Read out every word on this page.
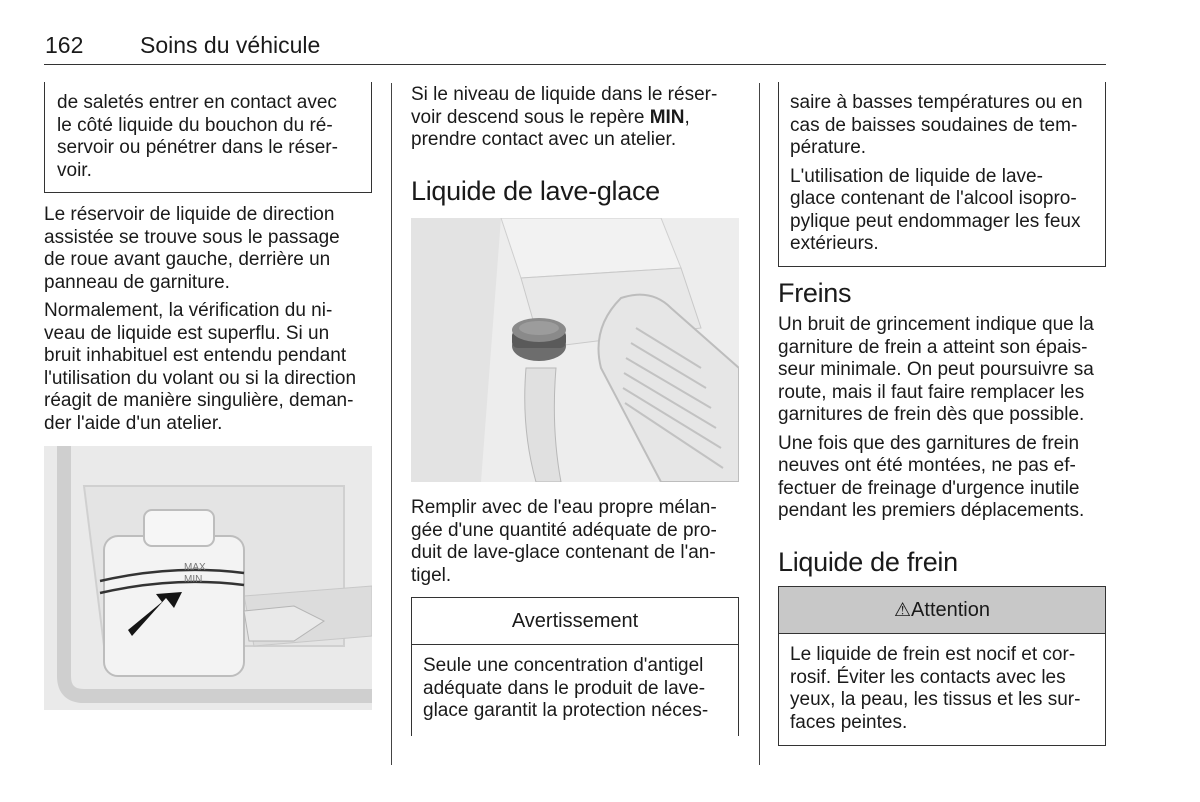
162 Soins du véhicule
de saletés entrer en contact avec
le côté liquide du bouchon du ré-
servoir ou pénétrer dans le réser-
voir.

Le réservoir de liquide de direction
assistée se trouve sous le passage
de roue avant gauche, derrière un
panneau de garniture.

Normalement, la vérification du ni-
veau de liquide est superflu. Si un
bruit inhabituel est entendu pendant
l'utilisation du volant ou si la direction
réagit de manière singulière, deman-
der l'aide d'un atelier.

MAX
MIN
Si le niveau de liquide dans le réser-
voir descend sous le repère MIN,
prendre contact avec un atelier.
Liquide de lave-glace
Remplir avec de l'eau propre mélan-
gée d'une quantité adéquate de pro-
duit de lave-glace contenant de l'an-
tigel.
Avertissement
Seule une concentration d'antigel
adéquate dans le produit de lave-
glace garantit la protection néces-

saire à basses températures ou en
cas de baisses soudaines de tem-
pérature.

L'utilisation de liquide de lave-
glace contenant de l'alcool isopro-
pylique peut endommager les feux
extérieurs.

Freins

Un bruit de grincement indique que la
garniture de frein a atteint son épais-
seur minimale. On peut poursuivre sa
route, mais il faut faire remplacer les
garnitures de frein dès que possible.

Une fois que des garnitures de frein
neuves ont été montées, ne pas ef-
fectuer de freinage d'urgence inutile
pendant les premiers déplacements.

Liquide de frein
⚠Attention
Le liquide de frein est nocif et cor-
rosif. Éviter les contacts avec les
yeux, la peau, les tissus et les sur-
faces peintes.
